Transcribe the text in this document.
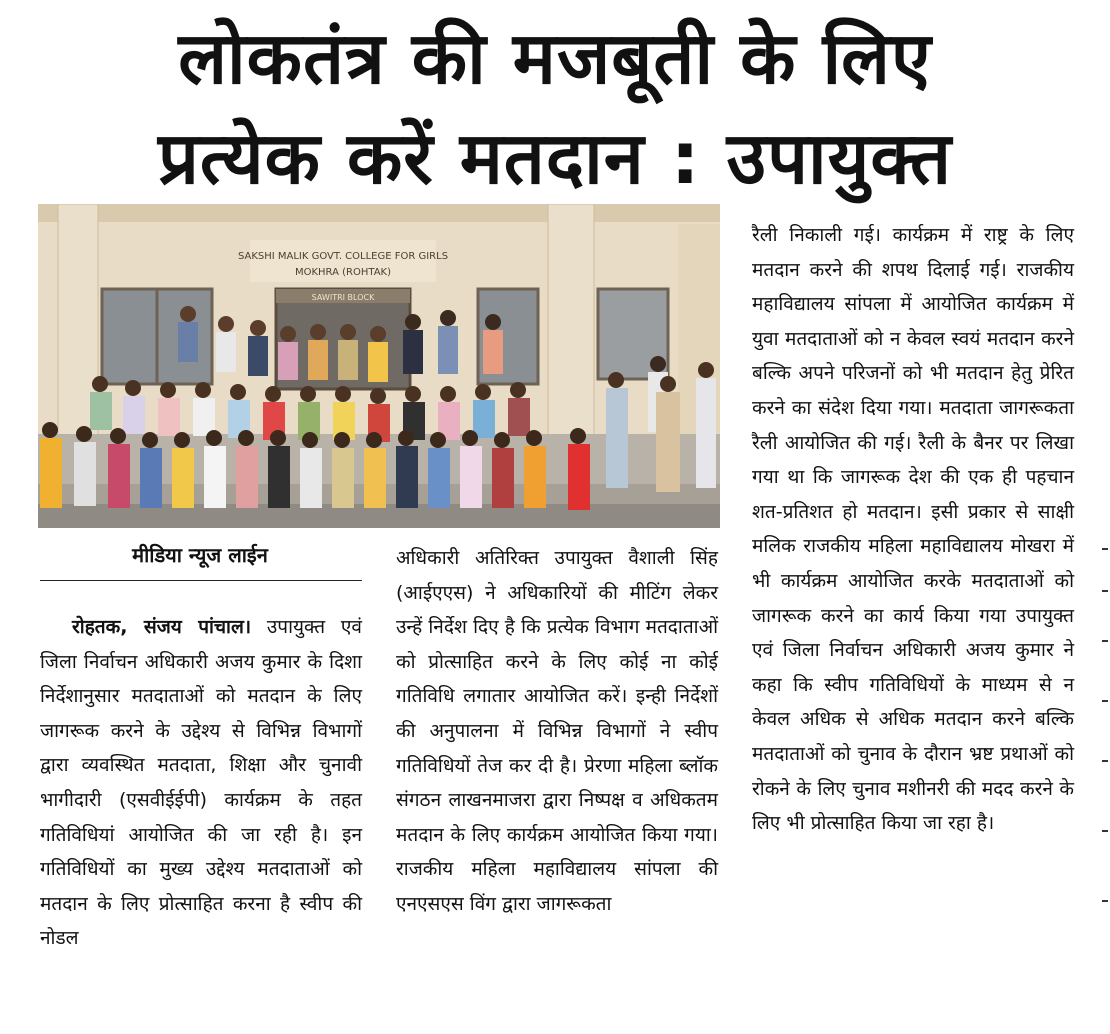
लोकतंत्र की मजबूती के लिए
प्रत्येक करें मतदान : उपायुक्त
SAKSHI MALIK GOVT. COLLEGE FOR GIRLS
MOKHRA (ROHTAK)
SAWITRI BLOCK
मीडिया न्यूज लाईन

रोहतक, संजय पांचाल। उपायुक्त एवं जिला निर्वाचन अधिकारी अजय कुमार के दिशा निर्देशानुसार मतदाताओं को मतदान के लिए जागरूक करने के उद्देश्य से विभिन्न विभागों द्वारा व्यवस्थित मतदाता, शिक्षा और चुनावी भागीदारी (एसवीईईपी) कार्यक्रम के तहत गतिविधियां आयोजित की जा रही है। इन गतिविधियों का मुख्य उद्देश्य मतदाताओं को मतदान के लिए प्रोत्साहित करना है स्वीप की नोडल

अधिकारी अतिरिक्त उपायुक्त वैशाली सिंह (आईएएस) ने अधिकारियों की मीटिंग लेकर उन्हें निर्देश दिए है कि प्रत्येक विभाग मतदाताओं को प्रोत्साहित करने के लिए कोई ना कोई गतिविधि लगातार आयोजित करें। इन्ही निर्देशों की अनुपालना में विभिन्न विभागों ने स्वीप गतिविधियों तेज कर दी है। प्रेरणा महिला ब्लॉक संगठन लाखनमाजरा द्वारा निष्पक्ष व अधिकतम मतदान के लिए कार्यक्रम आयोजित किया गया। राजकीय महिला महाविद्यालय सांपला की एनएसएस विंग द्वारा जागरूकता

रैली निकाली गई। कार्यक्रम में राष्ट्र के लिए मतदान करने की शपथ दिलाई गई। राजकीय महाविद्यालय सांपला में आयोजित कार्यक्रम में युवा मतदाताओं को न केवल स्वयं मतदान करने बल्कि अपने परिजनों को भी मतदान हेतु प्रेरित करने का संदेश दिया गया। मतदाता जागरूकता रैली आयोजित की गई। रैली के बैनर पर लिखा गया था कि जागरूक देश की एक ही पहचान शत-प्रतिशत हो मतदान। इसी प्रकार से साक्षी मलिक राजकीय महिला महाविद्यालय मोखरा में भी कार्यक्रम आयोजित करके मतदाताओं को जागरूक करने का कार्य किया गया उपायुक्त एवं जिला निर्वाचन अधिकारी अजय कुमार ने कहा कि स्वीप गतिविधियों के माध्यम से न केवल अधिक से अधिक मतदान करने बल्कि मतदाताओं को चुनाव के दौरान भ्रष्ट प्रथाओं को रोकने के लिए चुनाव मशीनरी की मदद करने के लिए भी प्रोत्साहित किया जा रहा है।
